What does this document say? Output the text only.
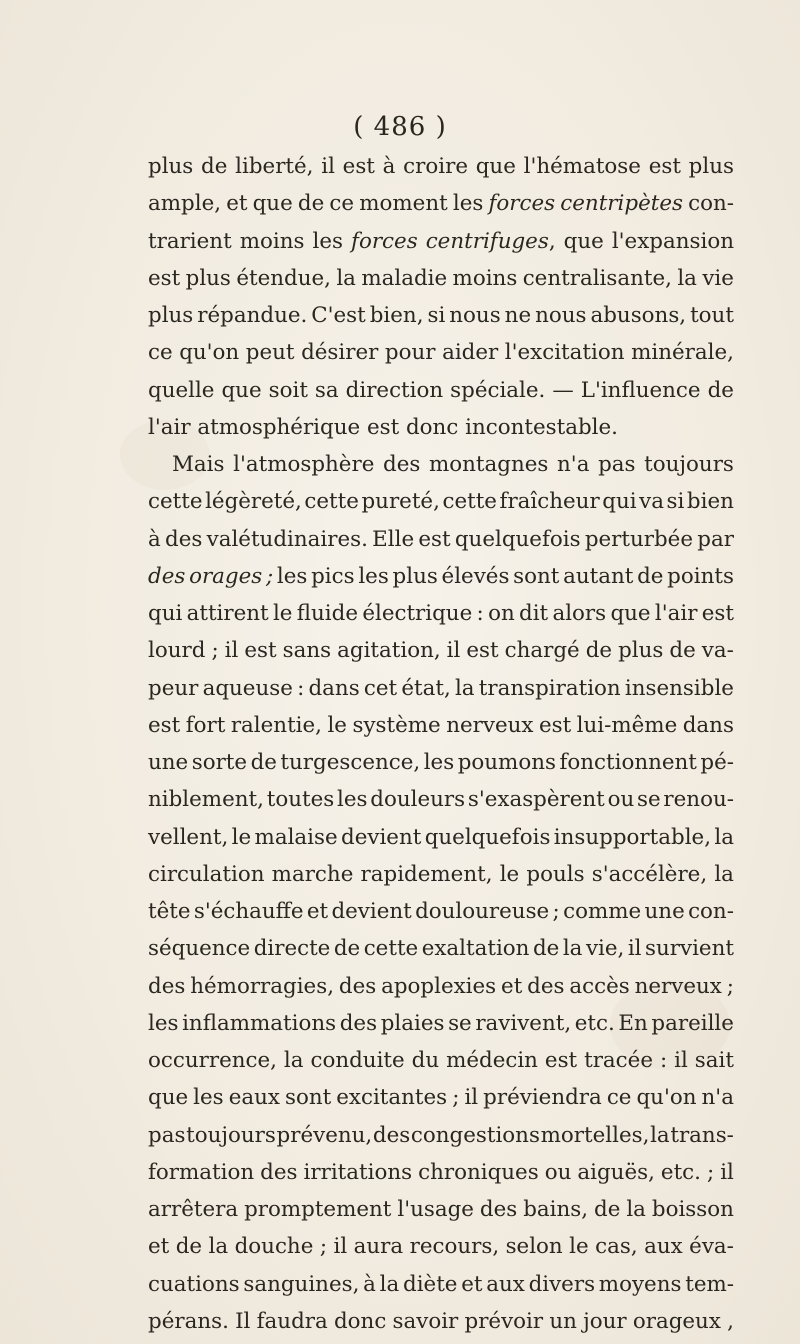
( 486 )
plus de liberté, il est à croire que l'hématose est plus
ample, et que de ce moment les forces centripètes con-
trarient moins les forces centrifuges, que l'expansion
est plus étendue, la maladie moins centralisante, la vie
plus répandue. C'est bien, si nous ne nous abusons, tout
ce qu'on peut désirer pour aider l'excitation minérale,
quelle que soit sa direction spéciale. — L'influence de
l'air atmosphérique est donc incontestable.
Mais l'atmosphère des montagnes n'a pas toujours
cette légèreté, cette pureté, cette fraîcheur qui va si bien
à des valétudinaires. Elle est quelquefois perturbée par
des orages ; les pics les plus élevés sont autant de points
qui attirent le fluide électrique : on dit alors que l'air est
lourd ; il est sans agitation, il est chargé de plus de va-
peur aqueuse : dans cet état, la transpiration insensible
est fort ralentie, le système nerveux est lui-même dans
une sorte de turgescence, les poumons fonctionnent pé-
niblement, toutes les douleurs s'exaspèrent ou se renou-
vellent, le malaise devient quelquefois insupportable, la
circulation marche rapidement, le pouls s'accélère, la
tête s'échauffe et devient douloureuse ; comme une con-
séquence directe de cette exaltation de la vie, il survient
des hémorragies, des apoplexies et des accès nerveux ;
les inflammations des plaies se ravivent, etc. En pareille
occurrence, la conduite du médecin est tracée : il sait
que les eaux sont excitantes ; il préviendra ce qu'on n'a
pas toujours prévenu, des congestions mortelles, la trans-
formation des irritations chroniques ou aiguës, etc. ; il
arrêtera promptement l'usage des bains, de la boisson
et de la douche ; il aura recours, selon le cas, aux éva-
cuations sanguines, à la diète et aux divers moyens tem-
pérans. Il faudra donc savoir prévoir un jour orageux ,
